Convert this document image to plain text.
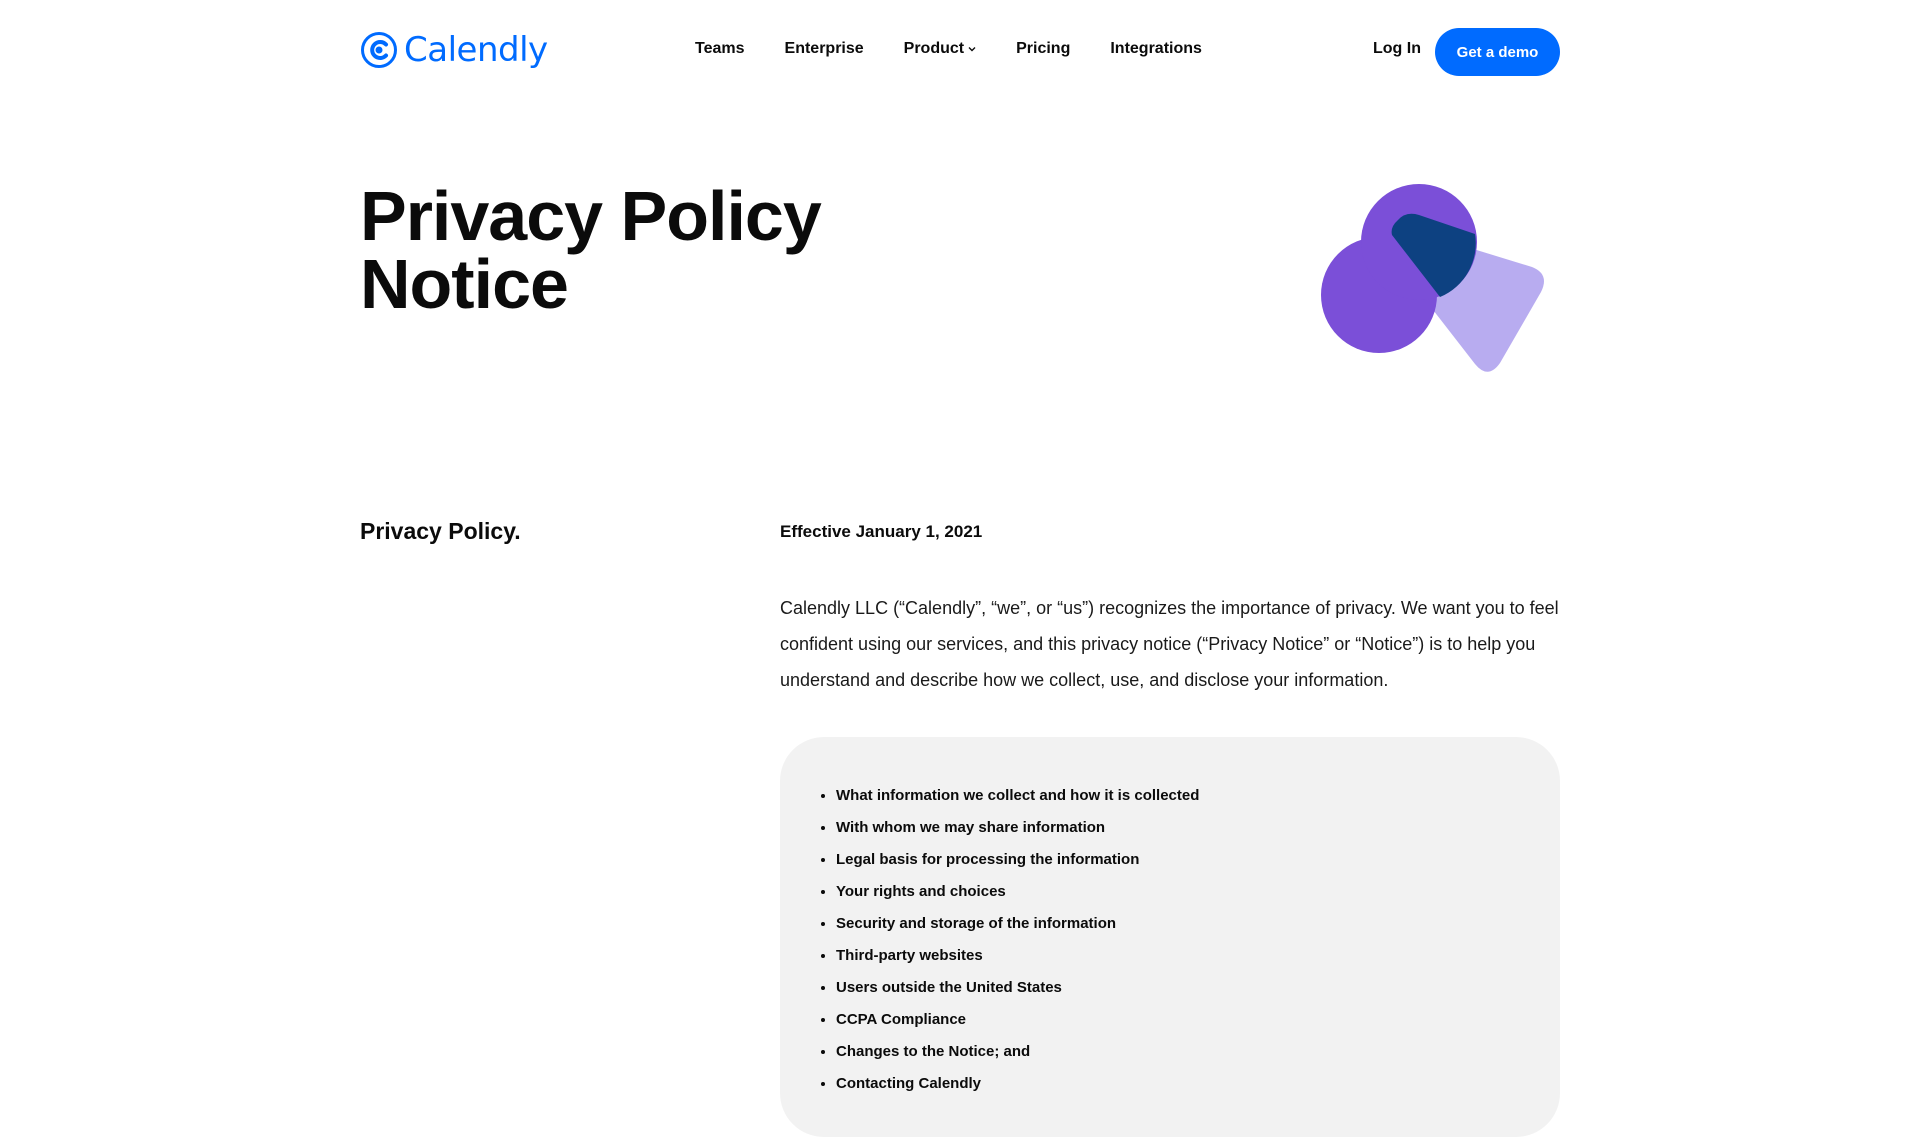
Calendly	Teams	Enterprise	Product	Pricing	Integrations	Log In	Get a demo
Privacy Policy
Notice
Privacy Policy.	Effective January 1, 2021

Calendly LLC (“Calendly”, “we”, or “us”) recognizes the importance of privacy. We want you to feel confident using our services, and this privacy notice (“Privacy Notice” or “Notice”) is to help you understand and describe how we collect, use, and disclose your information.

• What information we collect and how it is collected
• With whom we may share information
• Legal basis for processing the information
• Your rights and choices
• Security and storage of the information
• Third-party websites
• Users outside the United States
• CCPA Compliance
• Changes to the Notice; and
• Contacting Calendly
